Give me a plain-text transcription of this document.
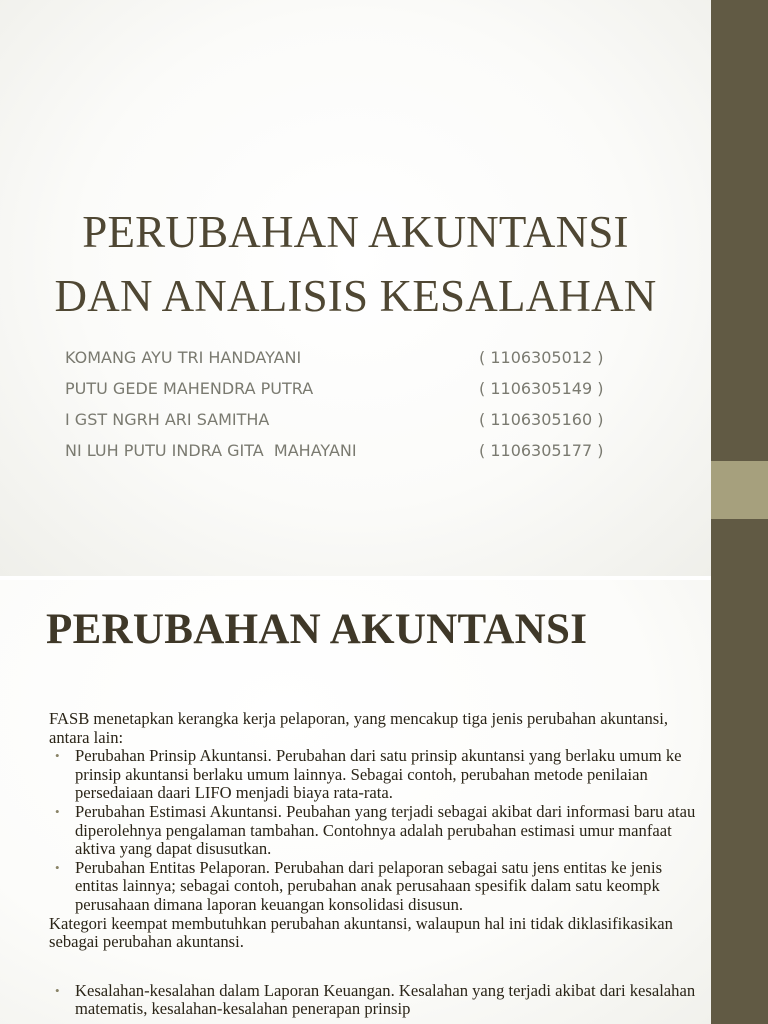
PERUBAHAN AKUNTANSI
DAN ANALISIS KESALAHAN
KOMANG AYU TRI HANDAYANI	( 1106305012 )
PUTU GEDE MAHENDRA PUTRA	( 1106305149 )
I GST NGRH ARI SAMITHA	( 1106305160 )
NI LUH PUTU INDRA GITA  MAHAYANI	( 1106305177 )
PERUBAHAN AKUNTANSI

FASB menetapkan kerangka kerja pelaporan, yang mencakup tiga jenis perubahan akuntansi, antara lain:

• Perubahan Prinsip Akuntansi. Perubahan dari satu prinsip akuntansi yang berlaku umum ke prinsip akuntansi berlaku umum lainnya. Sebagai contoh, perubahan metode penilaian persedaiaan daari LIFO menjadi biaya rata-rata.
• Perubahan Estimasi Akuntansi. Peubahan yang terjadi sebagai akibat dari informasi baru atau diperolehnya pengalaman tambahan. Contohnya adalah perubahan estimasi umur manfaat aktiva yang dapat disusutkan.
• Perubahan Entitas Pelaporan. Perubahan dari pelaporan sebagai satu jens entitas ke jenis entitas lainnya; sebagai contoh, perubahan anak perusahaan spesifik dalam satu keompk perusahaan dimana laporan keuangan konsolidasi disusun.

Kategori keempat membutuhkan perubahan akuntansi, walaupun hal ini tidak diklasifikasikan sebagai perubahan akuntansi.

• Kesalahan-kesalahan dalam Laporan Keuangan. Kesalahan yang terjadi akibat dari kesalahan matematis, kesalahan-kesalahan penerapan prinsip
